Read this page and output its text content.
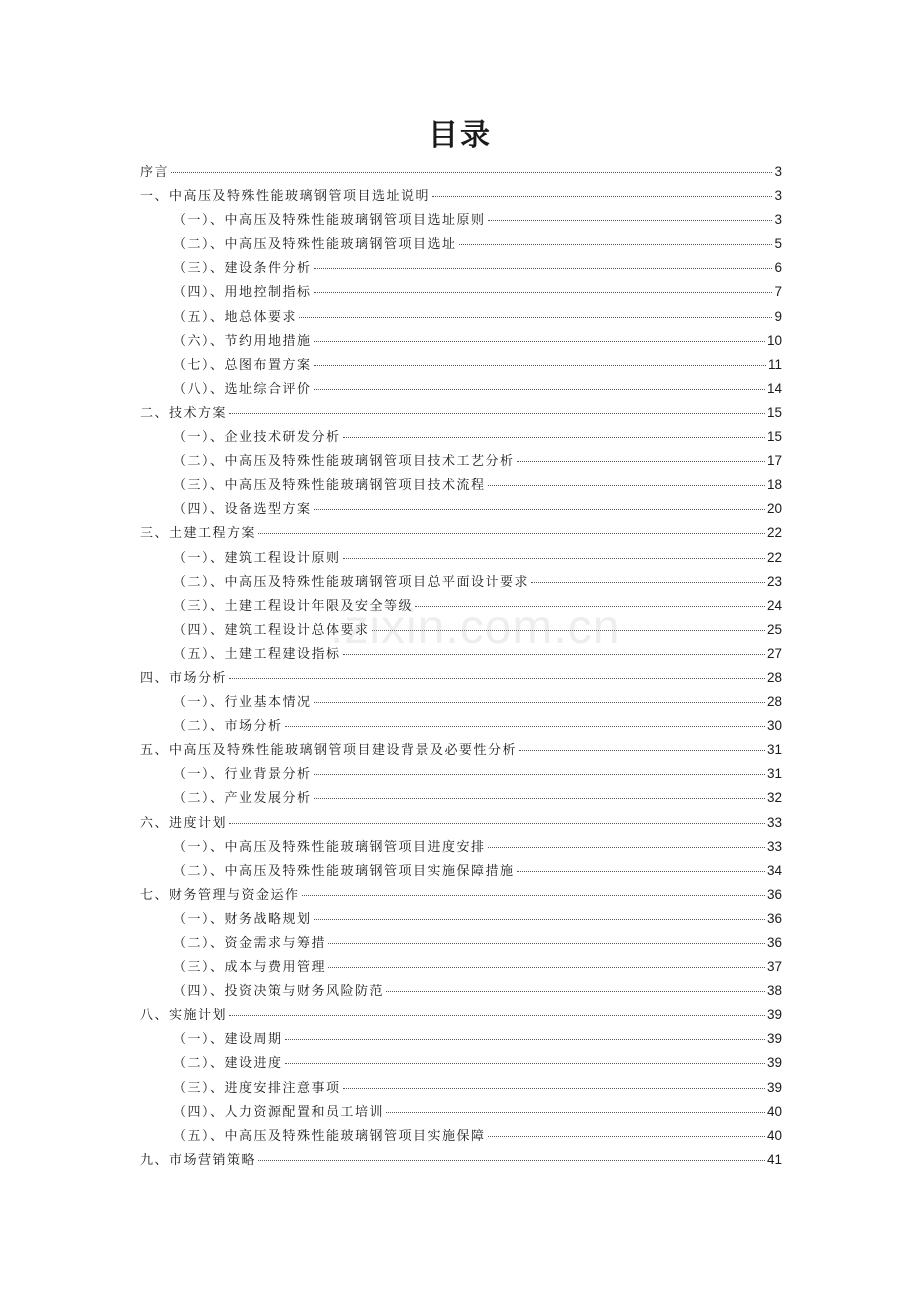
目录
序言	3
一、中高压及特殊性能玻璃钢管项目选址说明	3
（一）、中高压及特殊性能玻璃钢管项目选址原则	3
（二）、中高压及特殊性能玻璃钢管项目选址	5
（三）、建设条件分析	6
（四）、用地控制指标	7
（五）、地总体要求	9
（六）、节约用地措施	10
（七）、总图布置方案	11
（八）、选址综合评价	14
二、技术方案	15
（一）、企业技术研发分析	15
（二）、中高压及特殊性能玻璃钢管项目技术工艺分析	17
（三）、中高压及特殊性能玻璃钢管项目技术流程	18
（四）、设备选型方案	20
三、土建工程方案	22
（一）、建筑工程设计原则	22
（二）、中高压及特殊性能玻璃钢管项目总平面设计要求	23
（三）、土建工程设计年限及安全等级	24
（四）、建筑工程设计总体要求	25
（五）、土建工程建设指标	27
四、市场分析	28
（一）、行业基本情况	28
（二）、市场分析	30
五、中高压及特殊性能玻璃钢管项目建设背景及必要性分析	31
（一）、行业背景分析	31
（二）、产业发展分析	32
六、进度计划	33
（一）、中高压及特殊性能玻璃钢管项目进度安排	33
（二）、中高压及特殊性能玻璃钢管项目实施保障措施	34
七、财务管理与资金运作	36
（一）、财务战略规划	36
（二）、资金需求与筹措	36
（三）、成本与费用管理	37
（四）、投资决策与财务风险防范	38
八、实施计划	39
（一）、建设周期	39
（二）、建设进度	39
（三）、进度安排注意事项	39
（四）、人力资源配置和员工培训	40
（五）、中高压及特殊性能玻璃钢管项目实施保障	40
九、市场营销策略	41
.zixin.com.cn
